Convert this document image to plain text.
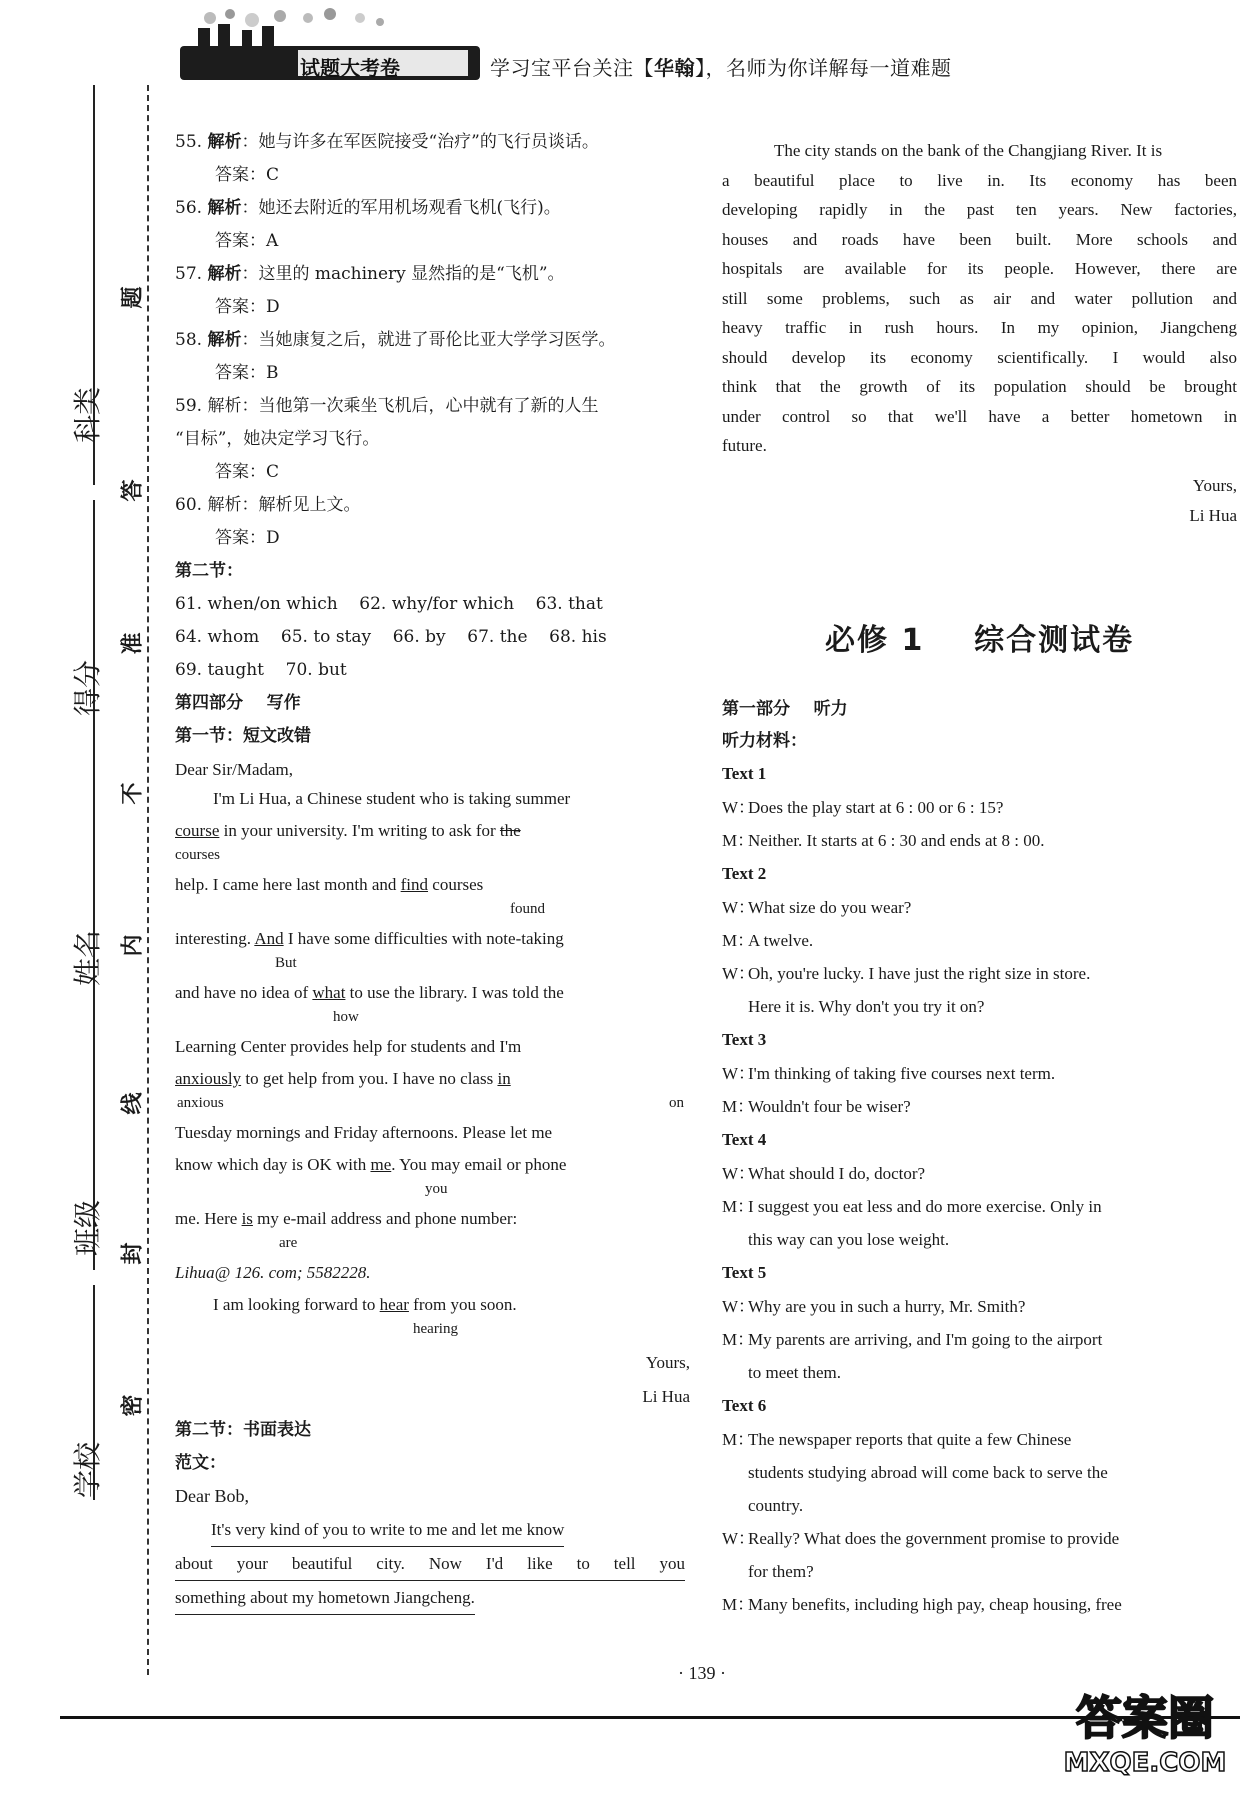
试题大考卷	学习宝平台关注【华翰】，名师为你详解每一道难题
科类
得分
姓名
班级
学校
题
答
准
不
内
线
封
密
55. 解析：她与许多在军医院接受“治疗”的飞行员谈话。
答案：C
56. 解析：她还去附近的军用机场观看飞机(飞行)。
答案：A
57. 解析：这里的 machinery 显然指的是“飞机”。
答案：D
58. 解析：当她康复之后，就进了哥伦比亚大学学习医学。
答案：B
59. 解析：当他第一次乘坐飞机后，心中就有了新的人生
“目标”，她决定学习飞行。
答案：C
60. 解析：解析见上文。
答案：D
第二节：
61. when/on which    62. why/for which    63. that
64. whom    65. to stay    66. by    67. the    68. his
69. taught    70. but
第四部分    写作
第一节：短文改错
Dear Sir/Madam,
I'm Li Hua, a Chinese student who is taking summer
course in your university. I'm writing to ask for the
courses
help. I came here last month and find courses
found
interesting. And I have some difficulties with note-taking
But
and have no idea of what to use the library. I was told the
how
Learning Center provides help for students and I'm
anxiously to get help from you. I have no class in
anxious	on
Tuesday mornings and Friday afternoons. Please let me
know which day is OK with me. You may email or phone
you
me. Here is my e-mail address and phone number:
are
Lihua@ 126. com; 5582228.
I am looking forward to hear from you soon.
hearing
Yours,
Li Hua
第二节：书面表达
范文：
Dear Bob,
It's very kind of you to write to me and let me know
about your beautiful city. Now I'd like to tell you
something about my hometown Jiangcheng.
The city stands on the bank of the Changjiang River. It is
a beautiful place to live in. Its economy has been
developing rapidly in the past ten years. New factories,
houses and roads have been built. More schools and
hospitals are available for its people. However, there are
still some problems, such as air and water pollution and
heavy traffic in rush hours. In my opinion, Jiangcheng
should develop its economy scientifically. I would also
think that the growth of its population should be brought
under control so that we'll have a better hometown in
future.
Yours,
Li Hua
必修 1    综合测试卷
第一部分    听力
听力材料：
Text 1
W：Does the play start at 6 : 00 or 6 : 15?
M：Neither. It starts at 6 : 30 and ends at 8 : 00.
Text 2
W：What size do you wear?
M：A twelve.
W：Oh, you're lucky. I have just the right size in store.
Here it is. Why don't you try it on?
Text 3
W：I'm thinking of taking five courses next term.
M：Wouldn't four be wiser?
Text 4
W：What should I do, doctor?
M：I suggest you eat less and do more exercise. Only in
this way can you lose weight.
Text 5
W：Why are you in such a hurry, Mr. Smith?
M：My parents are arriving, and I'm going to the airport
to meet them.
Text 6
M：The newspaper reports that quite a few Chinese
students studying abroad will come back to serve the
country.
W：Really? What does the government promise to provide
for them?
M：Many benefits, including high pay, cheap housing, free
· 139 ·
答案圈
MXQE.COM
